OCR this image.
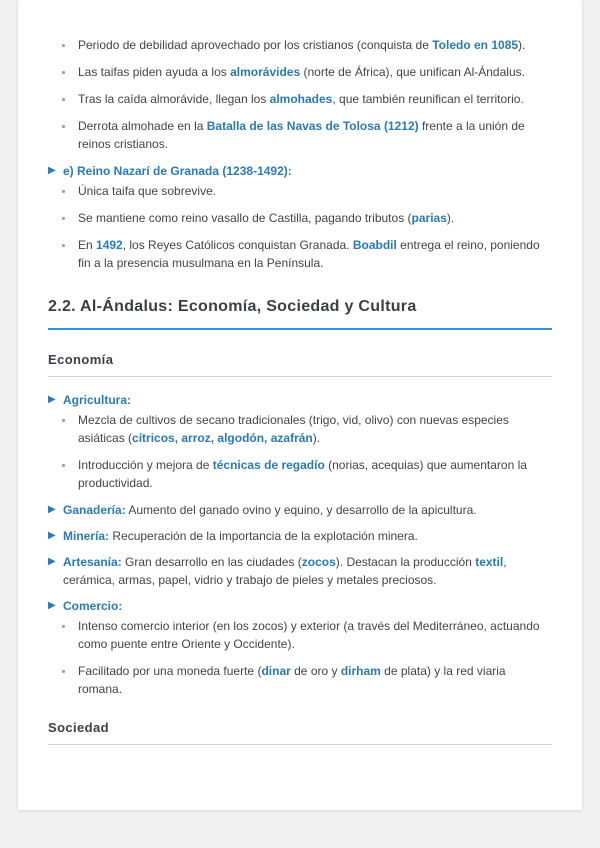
Periodo de debilidad aprovechado por los cristianos (conquista de Toledo en 1085).
Las taifas piden ayuda a los almorávides (norte de África), que unifican Al-Ándalus.
Tras la caída almorávide, llegan los almohades, que también reunifican el territorio.
Derrota almohade en la Batalla de las Navas de Tolosa (1212) frente a la unión de reinos cristianos.
▶ e) Reino Nazarí de Granada (1238-1492):
Única taifa que sobrevive.
Se mantiene como reino vasallo de Castilla, pagando tributos (parias).
En 1492, los Reyes Católicos conquistan Granada. Boabdil entrega el reino, poniendo fin a la presencia musulmana en la Península.
2.2. Al-Ándalus: Economía, Sociedad y Cultura
Economía
▶ Agricultura:
Mezcla de cultivos de secano tradicionales (trigo, vid, olivo) con nuevas especies asiáticas (cítricos, arroz, algodón, azafrán).
Introducción y mejora de técnicas de regadío (norias, acequias) que aumentaron la productividad.
▶ Ganadería: Aumento del ganado ovino y equino, y desarrollo de la apicultura.
▶ Minería: Recuperación de la importancia de la explotación minera.
▶ Artesanía: Gran desarrollo en las ciudades (zocos). Destacan la producción textil, cerámica, armas, papel, vidrio y trabajo de pieles y metales preciosos.
▶ Comercio:
Intenso comercio interior (en los zocos) y exterior (a través del Mediterráneo, actuando como puente entre Oriente y Occidente).
Facilitado por una moneda fuerte (dinar de oro y dirham de plata) y la red viaria romana.
Sociedad
